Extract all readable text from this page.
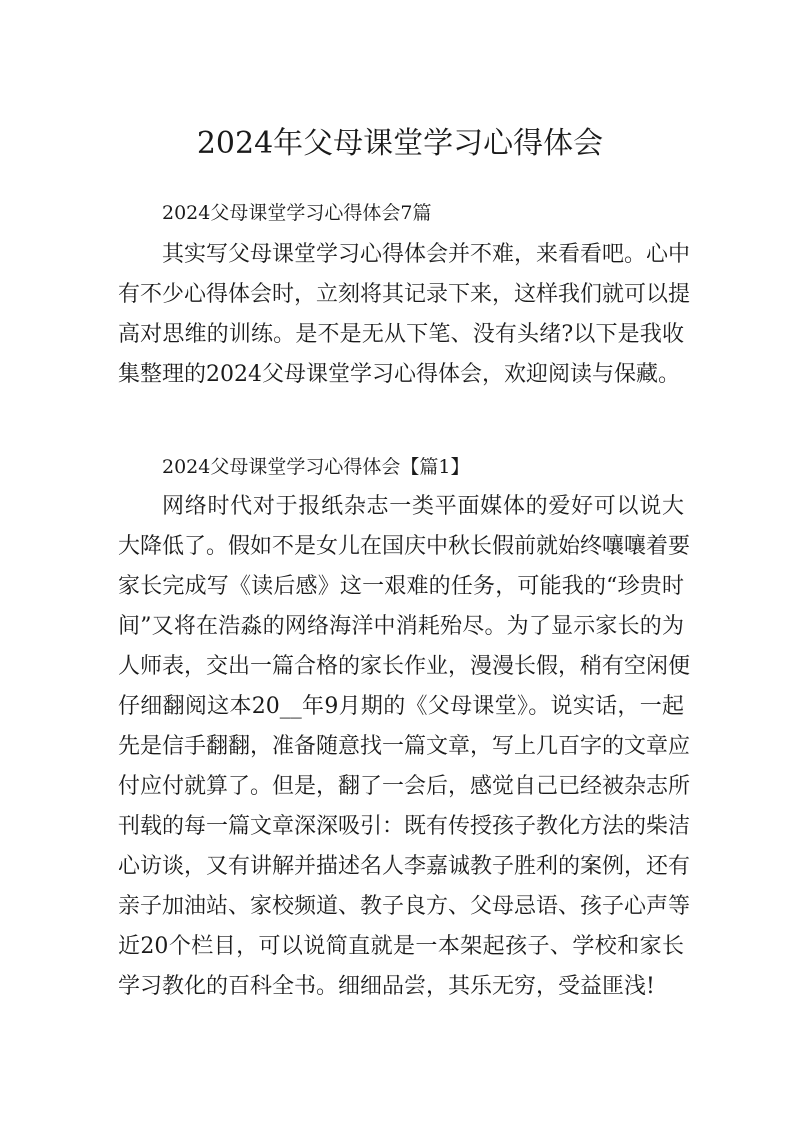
2024年父母课堂学习心得体会
2024父母课堂学习心得体会7篇
其实写父母课堂学习心得体会并不难，来看看吧。心中
有不少心得体会时，立刻将其记录下来，这样我们就可以提
高对思维的训练。是不是无从下笔、没有头绪?以下是我收
集整理的2024父母课堂学习心得体会，欢迎阅读与保藏。
2024父母课堂学习心得体会【篇1】
网络时代对于报纸杂志一类平面媒体的爱好可以说大
大降低了。假如不是女儿在国庆中秋长假前就始终嚷嚷着要
家长完成写《读后感》这一艰难的任务，可能我的“珍贵时
间”又将在浩淼的网络海洋中消耗殆尽。为了显示家长的为
人师表，交出一篇合格的家长作业，漫漫长假，稍有空闲便
仔细翻阅这本20__年9月期的《父母课堂》。说实话，一起
先是信手翻翻，准备随意找一篇文章，写上几百字的文章应
付应付就算了。但是，翻了一会后，感觉自己已经被杂志所
刊载的每一篇文章深深吸引：既有传授孩子教化方法的柴洁
心访谈，又有讲解并描述名人李嘉诚教子胜利的案例，还有
亲子加油站、家校频道、教子良方、父母忌语、孩子心声等
近20个栏目，可以说简直就是一本架起孩子、学校和家长
学习教化的百科全书。细细品尝，其乐无穷，受益匪浅!
